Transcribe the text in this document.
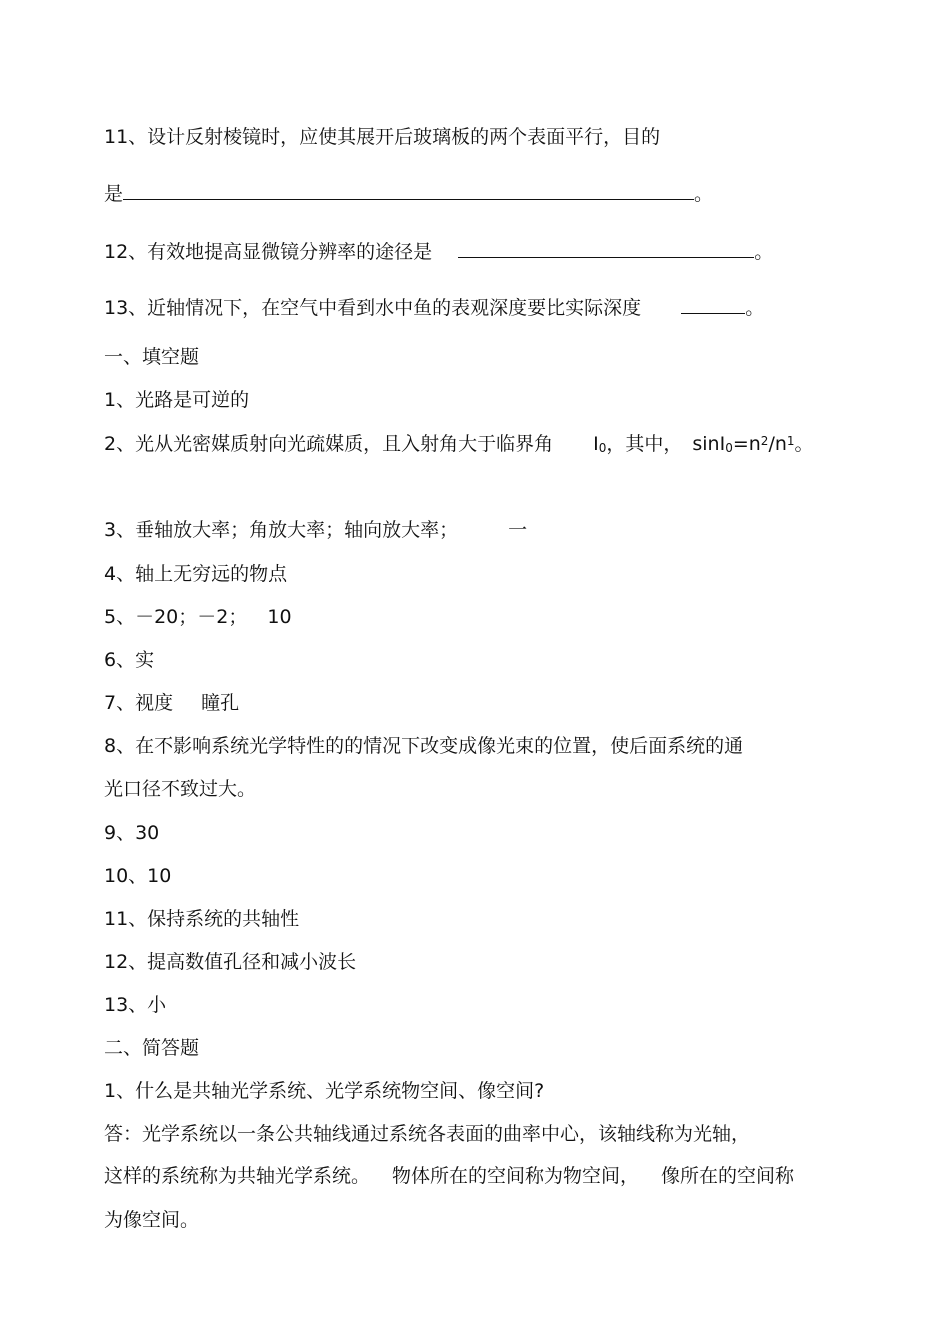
11、设计反射棱镜时，应使其展开后玻璃板的两个表面平行，目的
是	。
12、有效地提高显微镜分辨率的途径是	。
13、近轴情况下，在空气中看到水中鱼的表观深度要比实际深度	。
一、填空题
1、光路是可逆的
2、光从光密媒质射向光疏媒质，且入射角大于临界角 $I_0$，其中， $\sin I_0=n^2/n^1$。
3、垂轴放大率；角放大率；轴向放大率；	一
4、轴上无穷远的物点
5、－20；－2； 10
6、实
7、视度 瞳孔
8、在不影响系统光学特性的的情况下改变成像光束的位置，使后面系统的通
光口径不致过大。
9、30
10、10
11、保持系统的共轴性
12、提高数值孔径和减小波长
13、小
二、简答题
1、什么是共轴光学系统、光学系统物空间、像空间?
答：光学系统以一条公共轴线通过系统各表面的曲率中心，该轴线称为光轴，
这样的系统称为共轴光学系统。 物体所在的空间称为物空间， 像所在的空间称
为像空间。
